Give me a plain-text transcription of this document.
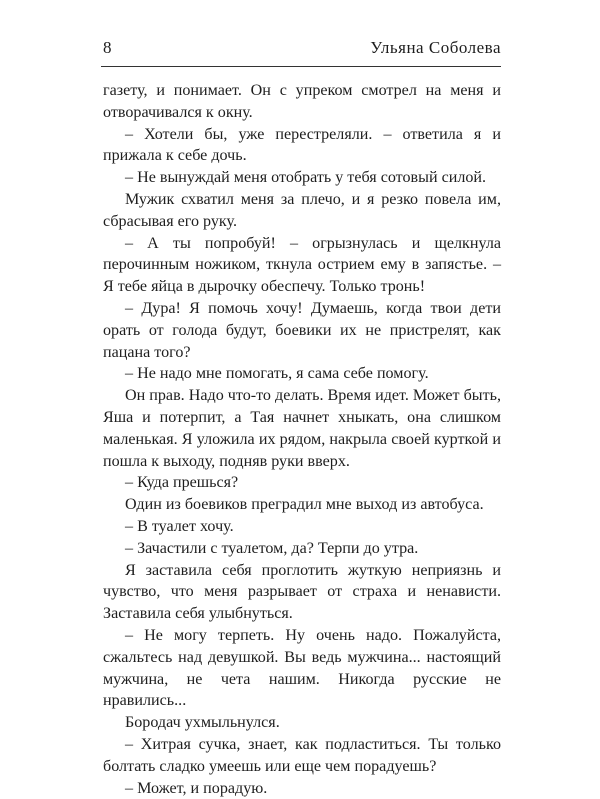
8	Ульяна Соболева

газету, и понимает. Он с упреком смотрел на меня и отворачивался к окну.

– Хотели бы, уже перестреляли. – ответила я и прижала к себе дочь.

– Не вынуждай меня отобрать у тебя сотовый силой.

Мужик схватил меня за плечо, и я резко повела им, сбрасывая его руку.

– А ты попробуй! – огрызнулась и щелкнула перочинным ножиком, ткнула острием ему в запястье. – Я тебе яйца в дырочку обеспечу. Только тронь!

– Дура! Я помочь хочу! Думаешь, когда твои дети орать от голода будут, боевики их не пристрелят, как пацана того?

– Не надо мне помогать, я сама себе помогу.

Он прав. Надо что-то делать. Время идет. Может быть, Яша и потерпит, а Тая начнет хныкать, она слишком маленькая. Я уложила их рядом, накрыла своей курткой и пошла к выходу, подняв руки вверх.

– Куда прешься?

Один из боевиков преградил мне выход из автобуса.

– В туалет хочу.

– Зачастили с туалетом, да? Терпи до утра.

Я заставила себя проглотить жуткую неприязнь и чувство, что меня разрывает от страха и ненависти. Заставила себя улыбнуться.

– Не могу терпеть. Ну очень надо. Пожалуйста, сжальтесь над девушкой. Вы ведь мужчина... настоящий мужчина, не чета нашим. Никогда русские не нравились...

Бородач ухмыльнулся.

– Хитрая сучка, знает, как подластиться. Ты только болтать сладко умеешь или еще чем порадуешь?

– Может, и порадую.
